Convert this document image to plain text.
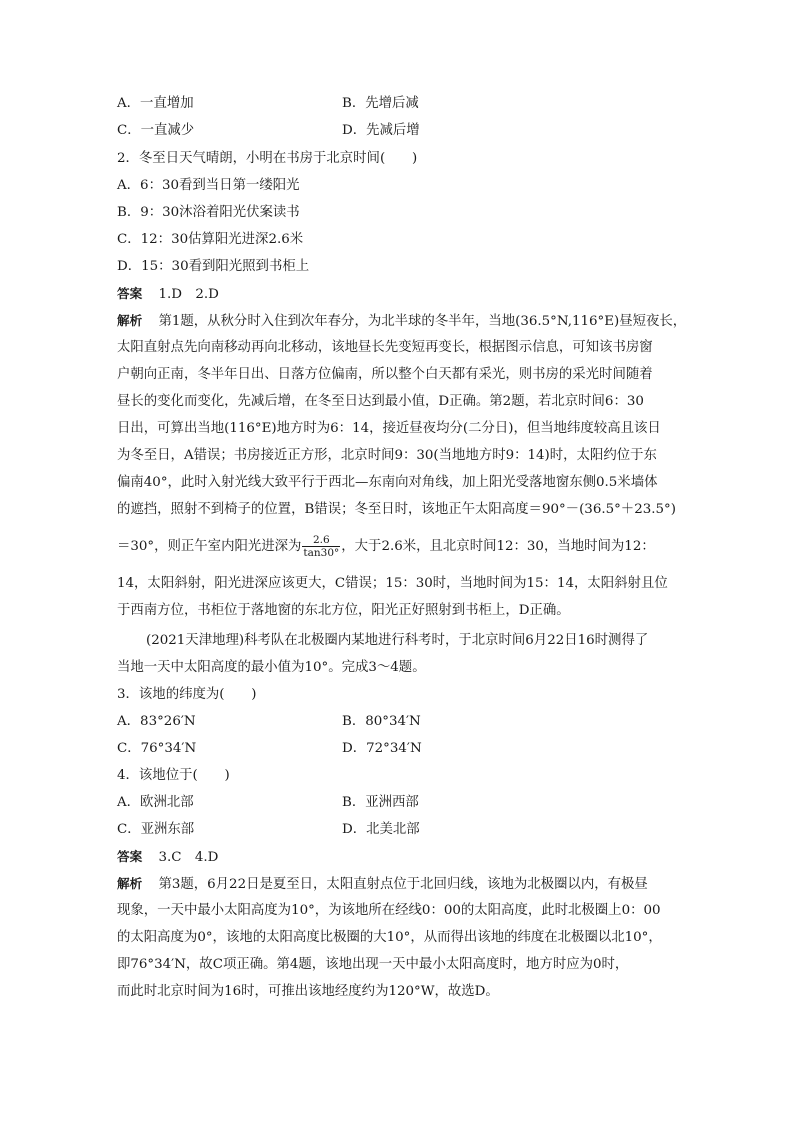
A．一直增加	B．先增后减
C．一直减少	D．先减后增
2．冬至日天气晴朗，小明在书房于北京时间(　　)
A．6：30看到当日第一缕阳光
B．9：30沐浴着阳光伏案读书
C．12：30估算阳光进深2.6米
D．15：30看到阳光照到书柜上
答案 1.D　2.D
解析 第1题，从秋分时入住到次年春分，为北半球的冬半年，当地(36.5°N,116°E)昼短夜长，
太阳直射点先向南移动再向北移动，该地昼长先变短再变长，根据图示信息，可知该书房窗
户朝向正南，冬半年日出、日落方位偏南，所以整个白天都有采光，则书房的采光时间随着
昼长的变化而变化，先减后增，在冬至日达到最小值，D正确。第2题，若北京时间6：30
日出，可算出当地(116°E)地方时为6：14，接近昼夜均分(二分日)，但当地纬度较高且该日
为冬至日，A错误；书房接近正方形，北京时间9：30(当地地方时9：14)时，太阳约位于东
偏南40°，此时入射光线大致平行于西北—东南向对角线，加上阳光受落地窗东侧0.5米墙体
的遮挡，照射不到椅子的位置，B错误；冬至日时，该地正午太阳高度＝90°－(36.5°＋23.5°)
＝30°，则正午室内阳光进深为 $\frac{2.6}{\tan 30^\circ}$ ，大于2.6米，且北京时间12：30，当地时间为12：
14，太阳斜射，阳光进深应该更大，C错误；15：30时，当地时间为15：14，太阳斜射且位
于西南方位，书柜位于落地窗的东北方位，阳光正好照射到书柜上，D正确。
(2021天津地理)科考队在北极圈内某地进行科考时，于北京时间6月22日16时测得了
当地一天中太阳高度的最小值为10°。完成3～4题。
3．该地的纬度为(　　)
A．83°26′N	B．80°34′N
C．76°34′N	D．72°34′N
4．该地位于(　　)
A．欧洲北部	B．亚洲西部
C．亚洲东部	D．北美北部
答案 3.C　4.D
解析 第3题，6月22日是夏至日，太阳直射点位于北回归线，该地为北极圈以内，有极昼
现象，一天中最小太阳高度为10°，为该地所在经线0：00的太阳高度，此时北极圈上0：00
的太阳高度为0°，该地的太阳高度比极圈的大10°，从而得出该地的纬度在北极圈以北10°，
即76°34′N，故C项正确。第4题，该地出现一天中最小太阳高度时，地方时应为0时，
而此时北京时间为16时，可推出该地经度约为120°W，故选D。
